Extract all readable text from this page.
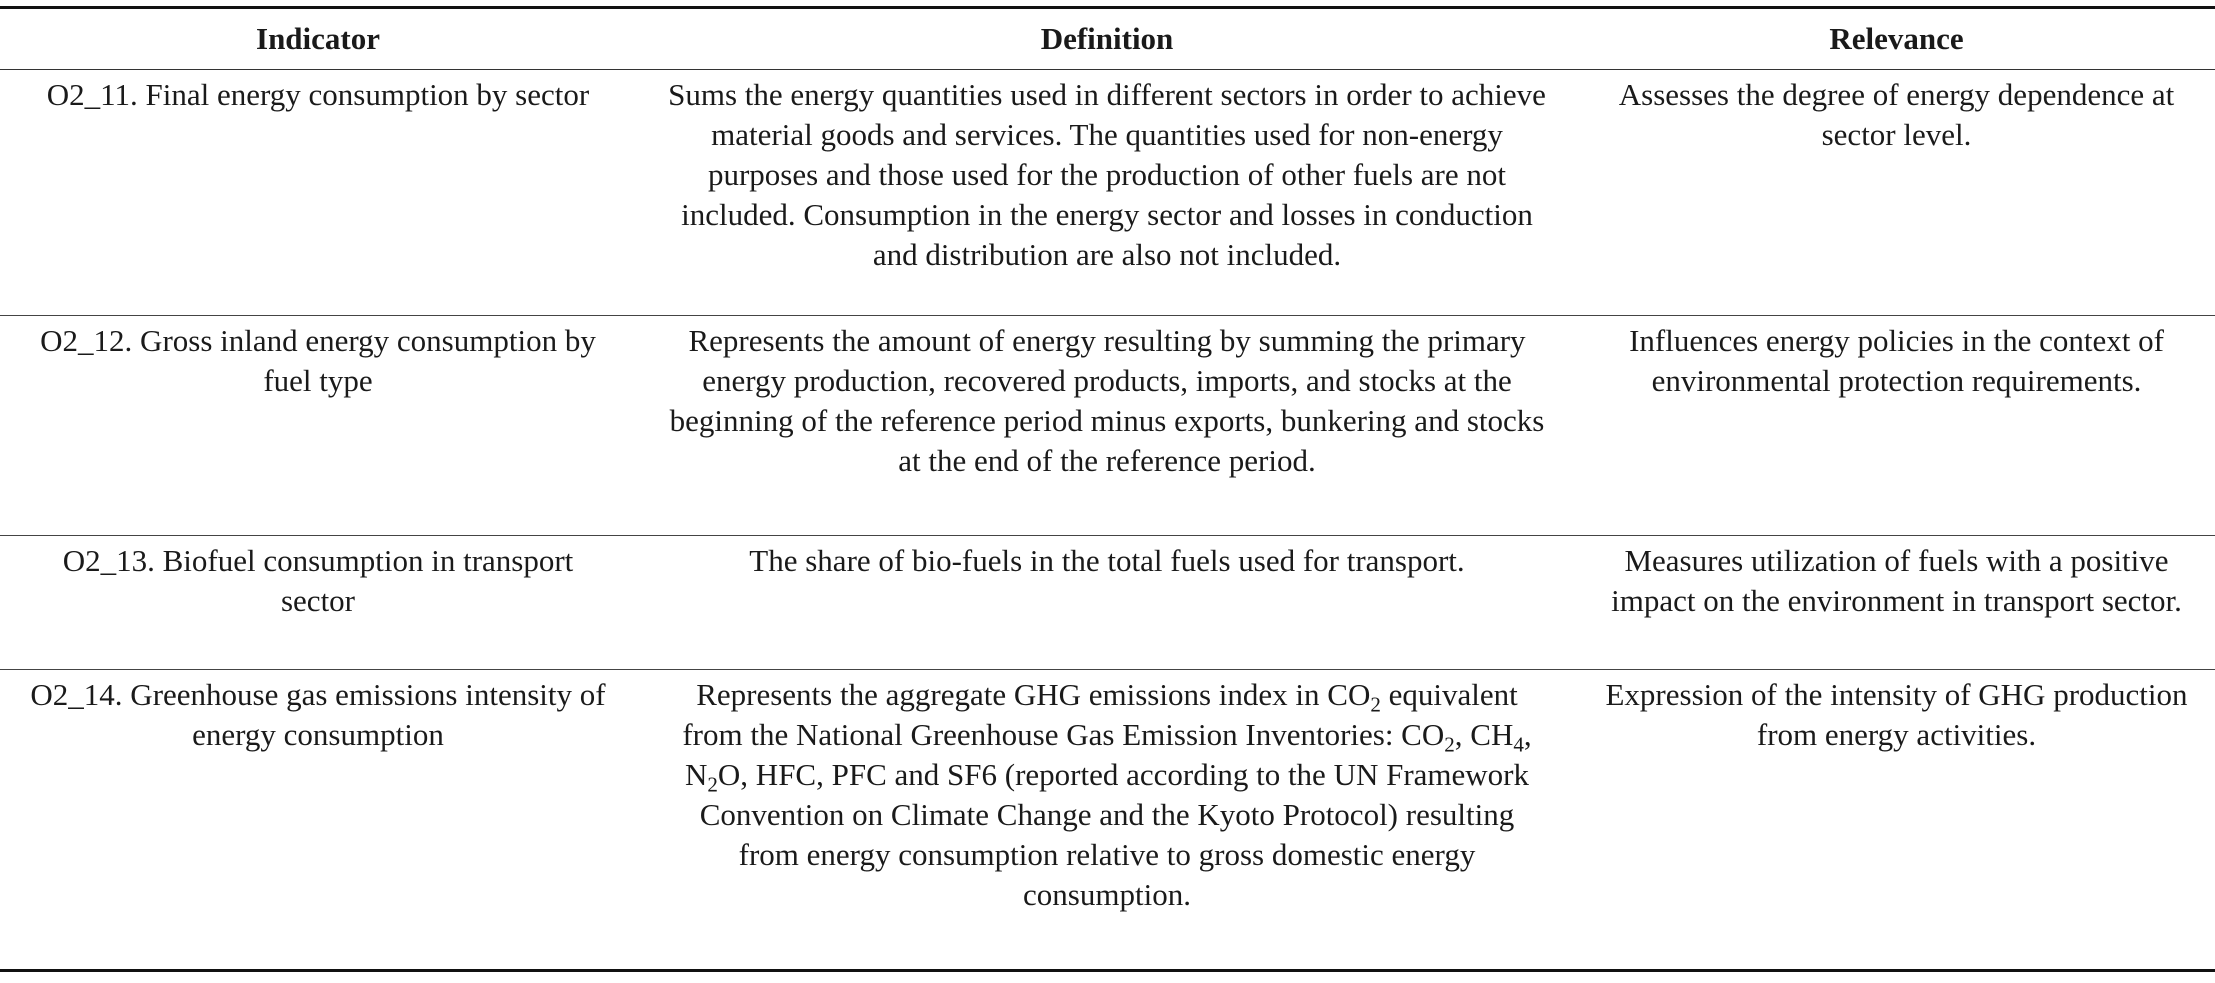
Indicator	Definition	Relevance
O2_11. Final energy consumption by sector	Sums the energy quantities used in different sectors in order to achieve material goods and services. The quantities used for non-energy purposes and those used for the production of other fuels are not included. Consumption in the energy sector and losses in conduction and distribution are also not included.	Assesses the degree of energy dependence at sector level.
O2_12. Gross inland energy consumption by fuel type	Represents the amount of energy resulting by summing the primary energy production, recovered products, imports, and stocks at the beginning of the reference period minus exports, bunkering and stocks at the end of the reference period.	Influences energy policies in the context of environmental protection requirements.
O2_13. Biofuel consumption in transport sector	The share of bio-fuels in the total fuels used for transport.	Measures utilization of fuels with a positive impact on the environment in transport sector.
O2_14. Greenhouse gas emissions intensity of energy consumption	Represents the aggregate GHG emissions index in $CO_2$ equivalent from the National Greenhouse Gas Emission Inventories: $CO_2$, $CH_4$, $N_2O$, HFC, PFC and SF6 (reported according to the UN Framework Convention on Climate Change and the Kyoto Protocol) resulting from energy consumption relative to gross domestic energy consumption.	Expression of the intensity of GHG production from energy activities.
